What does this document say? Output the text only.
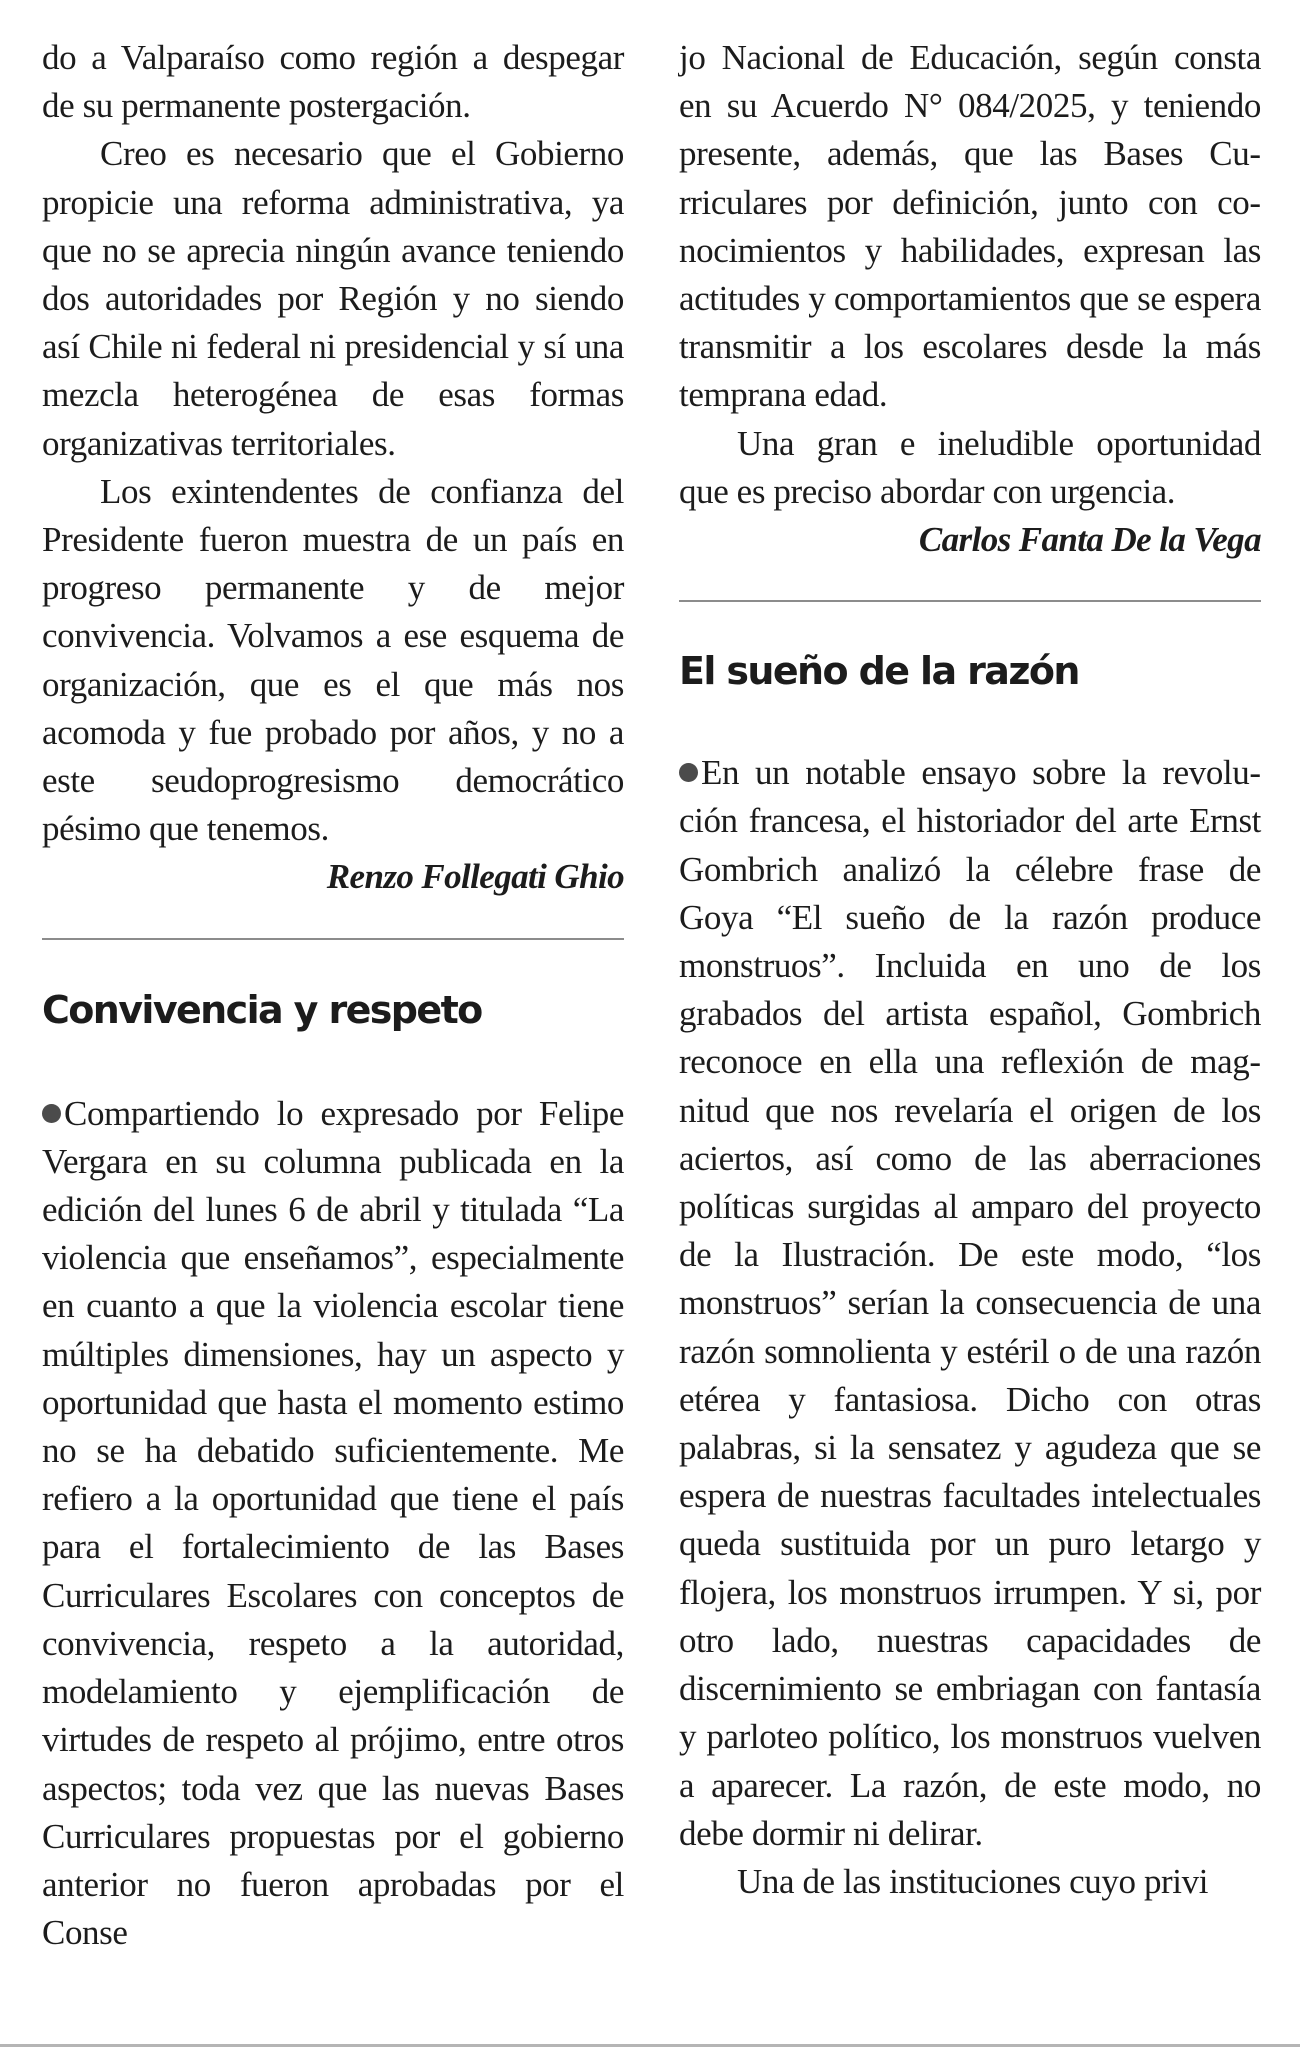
do a Valparaíso como región a despegar de su permanente postergación.

Creo es necesario que el Gobierno propicie una reforma administrativa, ya que no se aprecia ningún avance teniendo dos autoridades por Región y no siendo así Chile ni federal ni presidencial y sí una mezcla heterogénea de esas formas organizativas territoriales.

Los exintendentes de confianza del Presidente fueron muestra de un país en progreso permanente y de mejor convivencia. Volvamos a ese esquema de organización, que es el que más nos acomoda y fue probado por años, y no a este seudoprogresismo democrático pésimo que tenemos.

Renzo Follegati Ghio

Convivencia y respeto

Compartiendo lo expresado por Felipe Vergara en su columna publicada en la edición del lunes 6 de abril y titulada “La violencia que enseñamos”, especialmente en cuanto a que la violencia escolar tiene múltiples dimensiones, hay un aspecto y oportunidad que hasta el momento estimo no se ha debatido suficientemente. Me refiero a la oportunidad que tiene el país para el fortalecimiento de las Bases Curriculares Escolares con conceptos de convivencia, respeto a la autoridad, modelamiento y ejemplificación de virtudes de respeto al prójimo, entre otros aspectos; toda vez que las nuevas Bases Curriculares propuestas por el gobierno anterior no fueron aprobadas por el Conse

jo Nacional de Educación, según consta en su Acuerdo N° 084/2025, y teniendo presente, además, que las Bases Curriculares por definición, junto con conocimientos y habilidades, expresan las actitudes y comportamientos que se espera transmitir a los escolares desde la más temprana edad.

Una gran e ineludible oportunidad que es preciso abordar con urgencia.

Carlos Fanta De la Vega

El sueño de la razón

En un notable ensayo sobre la revolución francesa, el historiador del arte Ernst Gombrich analizó la célebre frase de Goya “El sueño de la razón produce monstruos”. Incluida en uno de los grabados del artista español, Gombrich reconoce en ella una reflexión de magnitud que nos revelaría el origen de los aciertos, así como de las aberraciones políticas surgidas al amparo del proyecto de la Ilustración. De este modo, “los monstruos” serían la consecuencia de una razón somnolienta y estéril o de una razón etérea y fantasiosa. Dicho con otras palabras, si la sensatez y agudeza que se espera de nuestras facultades intelectuales queda sustituida por un puro letargo y flojera, los monstruos irrumpen. Y si, por otro lado, nuestras capacidades de discernimiento se embriagan con fantasía y parloteo político, los monstruos vuelven a aparecer. La razón, de este modo, no debe dormir ni delirar.

Una de las instituciones cuyo privi
